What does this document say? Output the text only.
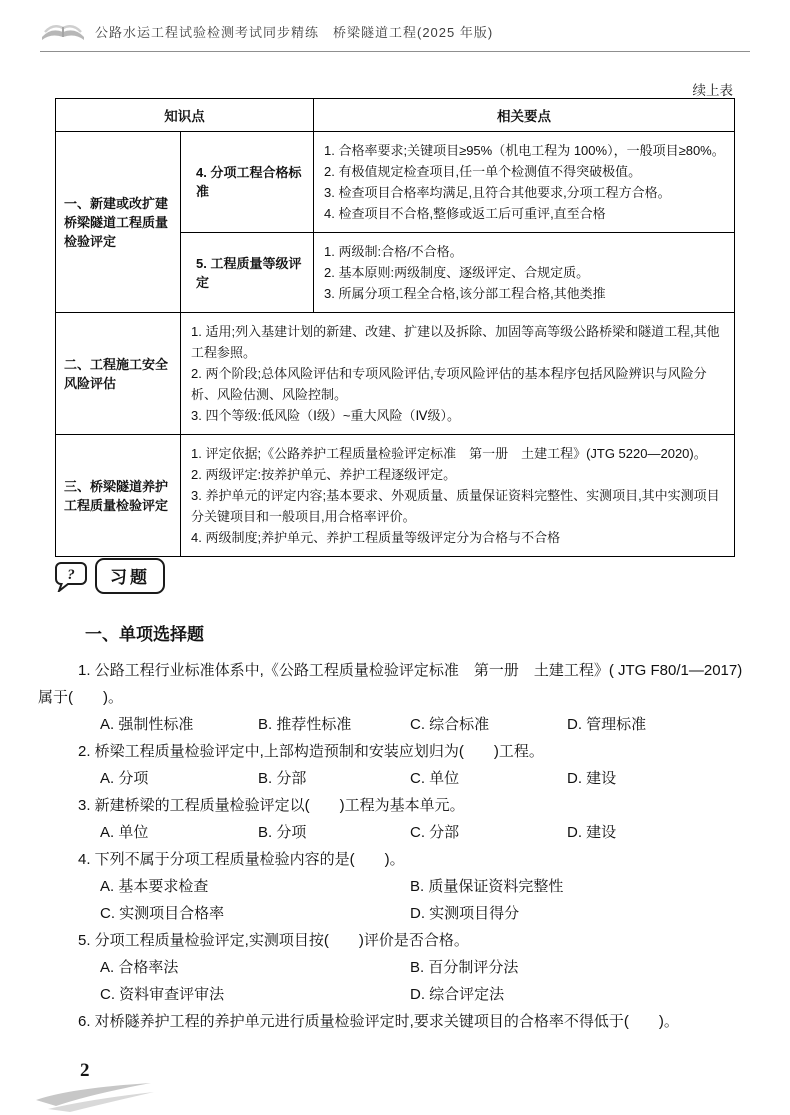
公路水运工程试验检测考试同步精练　桥梁隧道工程(2025 年版)
续上表
知识点		相关要点
一、新建或改扩建桥梁隧道工程质量检验评定	4. 分项工程合格标准	1. 合格率要求;关键项目≥95%（机电工程为 100%），一般项目≥80%。
2. 有极值规定检查项目,任一单个检测值不得突破极值。
3. 检查项目合格率均满足,且符合其他要求,分项工程方合格。
4. 检查项目不合格,整修或返工后可重评,直至合格

	5. 工程质量等级评定	1. 两级制:合格/不合格。
2. 基本原则:两级制度、逐级评定、合规定质。
3. 所属分项工程全合格,该分部工程合格,其他类推

二、工程施工安全风险评估	1. 适用;列入基建计划的新建、改建、扩建以及拆除、加固等高等级公路桥梁和隧道工程,其他工程参照。
2. 两个阶段;总体风险评估和专项风险评估,专项风险评估的基本程序包括风险辨识与风险分析、风险估测、风险控制。
3. 四个等级:低风险（Ⅰ级）~重大风险（Ⅳ级）。	

三、桥梁隧道养护工程质量检验评定	1. 评定依据;《公路养护工程质量检验评定标准　第一册　土建工程》(JTG 5220—2020)。
2. 两级评定:按养护单元、养护工程逐级评定。
3. 养护单元的评定内容;基本要求、外观质量、质量保证资料完整性、实测项目,其中实测项目分关键项目和一般项目,用合格率评价。
4. 两级制度;养护单元、养护工程质量等级评定分为合格与不合格	
?	习题
一、单项选择题
1. 公路工程行业标准体系中,《公路工程质量检验评定标准　第一册　土建工程》( JTG F80/1—2017)属于(　　)。
A. 强制性标准	B. 推荐性标准	C. 综合标准	D. 管理标准
2. 桥梁工程质量检验评定中,上部构造预制和安装应划归为(　　)工程。
A. 分项	B. 分部	C. 单位	D. 建设
3. 新建桥梁的工程质量检验评定以(　　)工程为基本单元。
A. 单位	B. 分项	C. 分部	D. 建设
4. 下列不属于分项工程质量检验内容的是(　　)。
A. 基本要求检查	B. 质量保证资料完整性
C. 实测项目合格率	D. 实测项目得分
5. 分项工程质量检验评定,实测项目按(　　)评价是否合格。
A. 合格率法	B. 百分制评分法
C. 资料审查评审法	D. 综合评定法
6. 对桥隧养护工程的养护单元进行质量检验评定时,要求关键项目的合格率不得低于(　　)。
2
